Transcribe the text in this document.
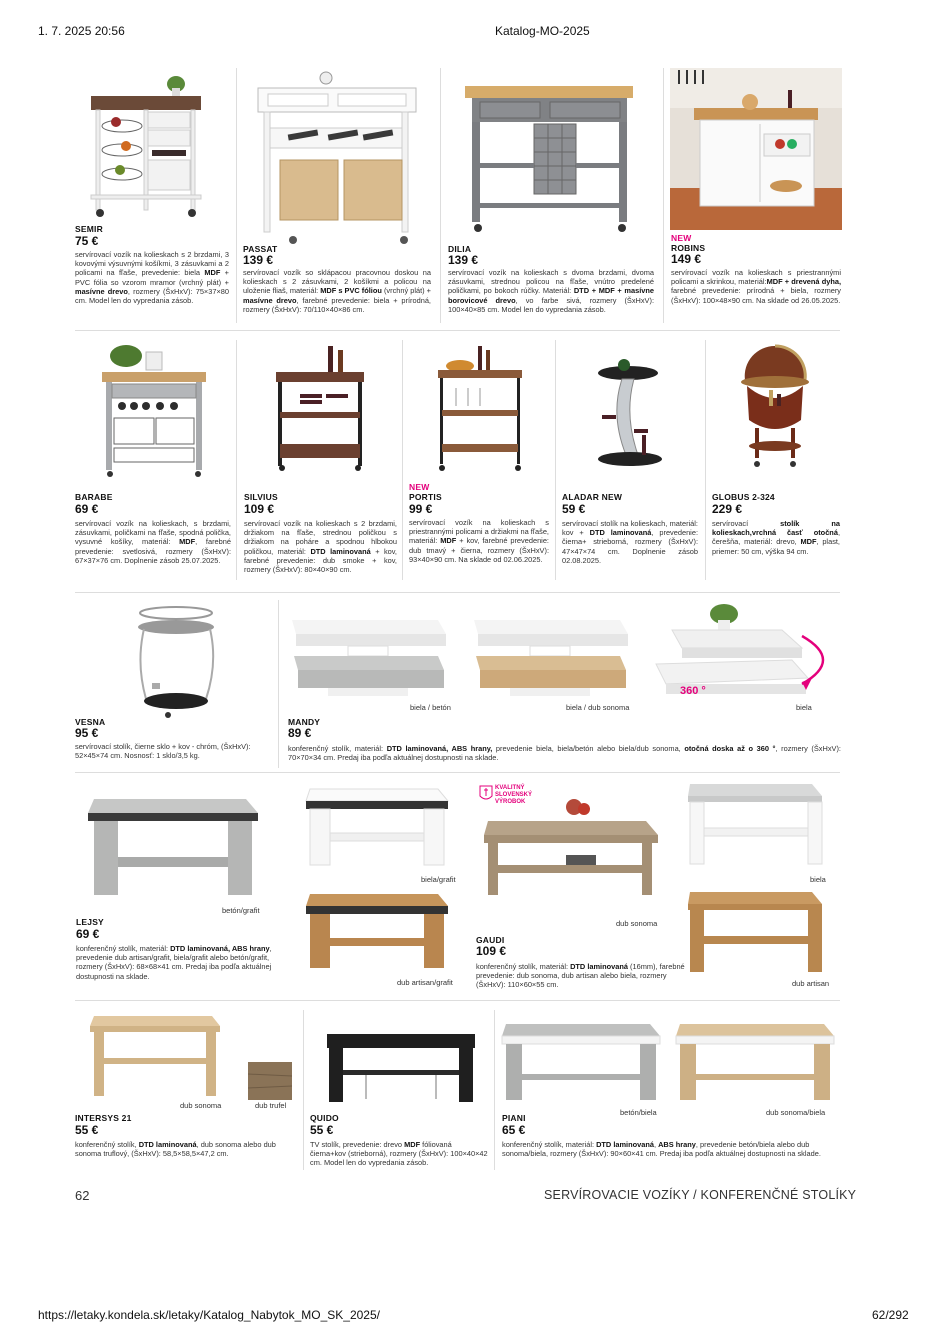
1. 7. 2025 20:56	Katalog-MO-2025
SEMIR
75 €
servírovací vozík na kolieskach s 2 brzdami, 3 kovovými výsuvnými košíkmi, 3 zásuvkami a 2 policami na fľaše, prevedenie: biela MDF + PVC fólia so vzorom mramor (vrchný plát) + masívne drevo, rozmery (ŠxHxV): 75×37×80 cm. Model len do vypredania zásob.
PASSAT
139 €
servírovací vozík so sklápacou pracovnou doskou na kolieskach s 2 zásuvkami, 2 košíkmi a policou na uloženie fliaš, materiál: MDF s PVC fóliou (vrchný plát) + masívne drevo, farebné prevedenie: biela + prírodná, rozmery (ŠxHxV): 70/110×40×86 cm.
DILIA
139 €
servírovací vozík na kolieskach s dvoma brzdami, dvoma zásuvkami, strednou policou na fľaše, vnútro predelené poličkami, po bokoch rúčky. Materiál: DTD + MDF + masívne borovicové drevo, vo farbe sivá, rozmery (ŠxHxV): 100×40×85 cm. Model len do vypredania zásob.
NEW
ROBINS
149 €
servírovací vozík na kolieskach s priestrannými policami a skrinkou, materiál:MDF + drevená dyha, farebné prevedenie: prírodná + biela, rozmery (ŠxHxV): 100×48×90 cm. Na sklade od 26.05.2025.
BARABE
69 €
servírovací vozík na kolieskach, s brzdami, zásuvkami, poličkami na fľaše, spodná polička, vysuvné košíky, materiál: MDF, farebné prevedenie: svetlosivá, rozmery (ŠxHxV): 67×37×76 cm. Doplnenie zásob 25.07.2025.
SILVIUS
109 €
servírovací vozík na kolieskach s 2 brzdami, držiakom na fľaše, strednou poličkou s držiakom na poháre a spodnou hlbokou poličkou, materiál: DTD laminovaná + kov, farebné prevedenie: dub smoke + kov, rozmery (ŠxHxV): 80×40×90 cm.
NEW
PORTIS
99 €
servírovací vozík na kolieskach s priestrannými policami a držiakmi na fľaše, materiál: MDF + kov, farebné prevedenie: dub tmavý + čierna, rozmery (ŠxHxV): 93×40×90 cm. Na sklade od 02.06.2025.
ALADAR NEW
59 €
servírovací stolík na kolieskach, materiál: kov + DTD laminovaná, prevedenie: čierna+ strieborná, rozmery (ŠxHxV): 47×47×74 cm. Doplnenie zásob 02.08.2025.
GLOBUS 2-324
229 €
servírovací stolík na kolieskach,vrchná časť otočná, čerešňa, materiál: drevo, MDF, plast, priemer: 50 cm, výška 94 cm.
VESNA
95 €
servírovací stolík, čierne sklo + kov - chróm, (ŠxHxV): 52×45×74 cm. Nosnosť: 1 sklo/3,5 kg.
biela / betón	biela / dub sonoma
360 °
biela
MANDY
89 €
konferenčný stolík, materiál: DTD laminovaná, ABS hrany, prevedenie biela, biela/betón alebo biela/dub sonoma, otočná doska až o 360 °, rozmery (ŠxHxV): 70×70×34 cm. Predaj iba podľa aktuálnej dostupnosti na sklade.
betón/grafit
biela/grafit
dub artisan/grafit
LEJSY
69 €
konferenčný stolík, materiál: DTD laminovaná, ABS hrany, prevedenie dub artisan/grafit, biela/grafit alebo betón/grafit, rozmery (ŠxHxV): 68×68×41 cm. Predaj iba podľa aktuálnej dostupnosti na sklade.
KVALITNÝ SLOVENSKÝ VÝROBOK
dub sonoma
biela
dub artisan
GAUDI
109 €
konferenčný stolík, materiál: DTD laminovaná (16mm), farebné prevedenie: dub sonoma, dub artisan alebo biela, rozmery (ŠxHxV): 110×60×55 cm.
dub sonoma	dub trufel
INTERSYS 21
55 €
konferenčný stolík, DTD laminovaná, dub sonoma alebo dub sonoma truflový, (ŠxHxV): 58,5×58,5×47,2 cm.
QUIDO
55 €
TV stolík, prevedenie: drevo MDF fóliovaná čierna+kov (strieborná), rozmery (ŠxHxV): 100×40×42 cm. Model len do vypredania zásob.
betón/biela	dub sonoma/biela
PIANI
65 €
konferenčný stolík, materiál: DTD laminovaná, ABS hrany, prevedenie betón/biela alebo dub sonoma/biela, rozmery (ŠxHxV): 90×60×41 cm. Predaj iba podľa aktuálnej dostupnosti na sklade.
62	SERVÍROVACIE VOZÍKY / KONFERENČNÉ STOLÍKY
https://letaky.kondela.sk/letaky/Katalog_Nabytok_MO_SK_2025/	62/292
